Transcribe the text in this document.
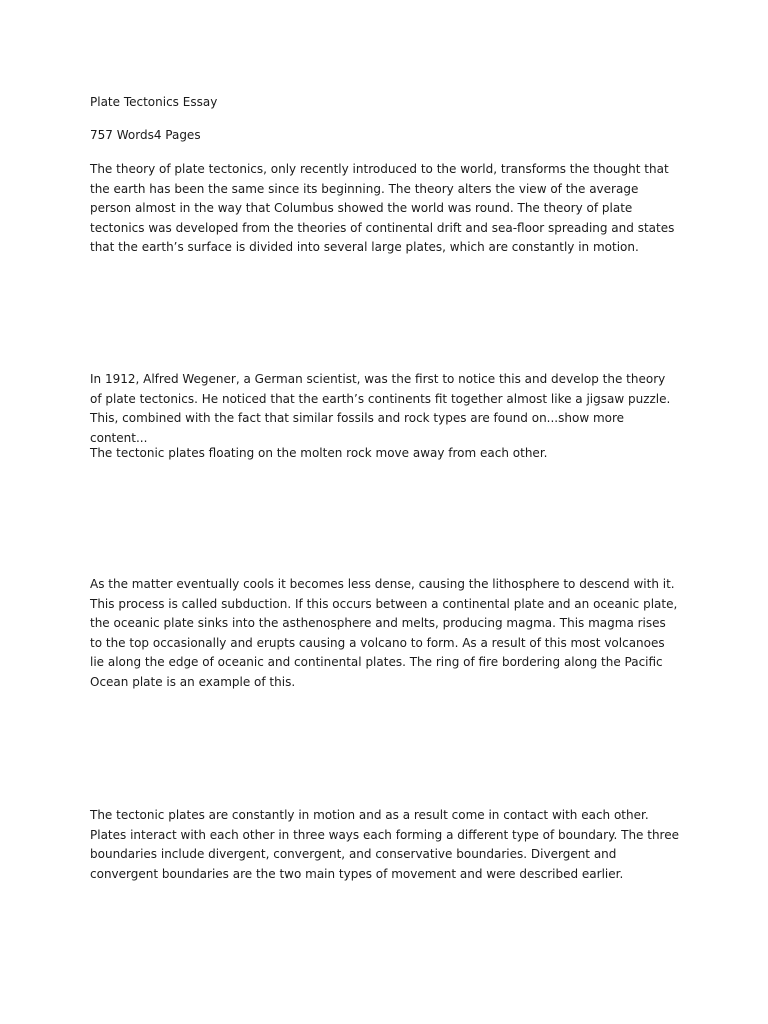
Plate Tectonics Essay

757 Words4 Pages

The theory of plate tectonics, only recently introduced to the world, transforms the thought that the earth has been the same since its beginning. The theory alters the view of the average person almost in the way that Columbus showed the world was round. The theory of plate tectonics was developed from the theories of continental drift and sea-floor spreading and states that the earth’s surface is divided into several large plates, which are constantly in motion.

In 1912, Alfred Wegener, a German scientist, was the first to notice this and develop the theory of plate tectonics. He noticed that the earth’s continents fit together almost like a jigsaw puzzle. This, combined with the fact that similar fossils and rock types are found on...show more content...

The tectonic plates floating on the molten rock move away from each other.

As the matter eventually cools it becomes less dense, causing the lithosphere to descend with it. This process is called subduction. If this occurs between a continental plate and an oceanic plate, the oceanic plate sinks into the asthenosphere and melts, producing magma. This magma rises to the top occasionally and erupts causing a volcano to form. As a result of this most volcanoes lie along the edge of oceanic and continental plates. The ring of fire bordering along the Pacific Ocean plate is an example of this.

The tectonic plates are constantly in motion and as a result come in contact with each other. Plates interact with each other in three ways each forming a different type of boundary. The three boundaries include divergent, convergent, and conservative boundaries. Divergent and convergent boundaries are the two main types of movement and were described earlier.
